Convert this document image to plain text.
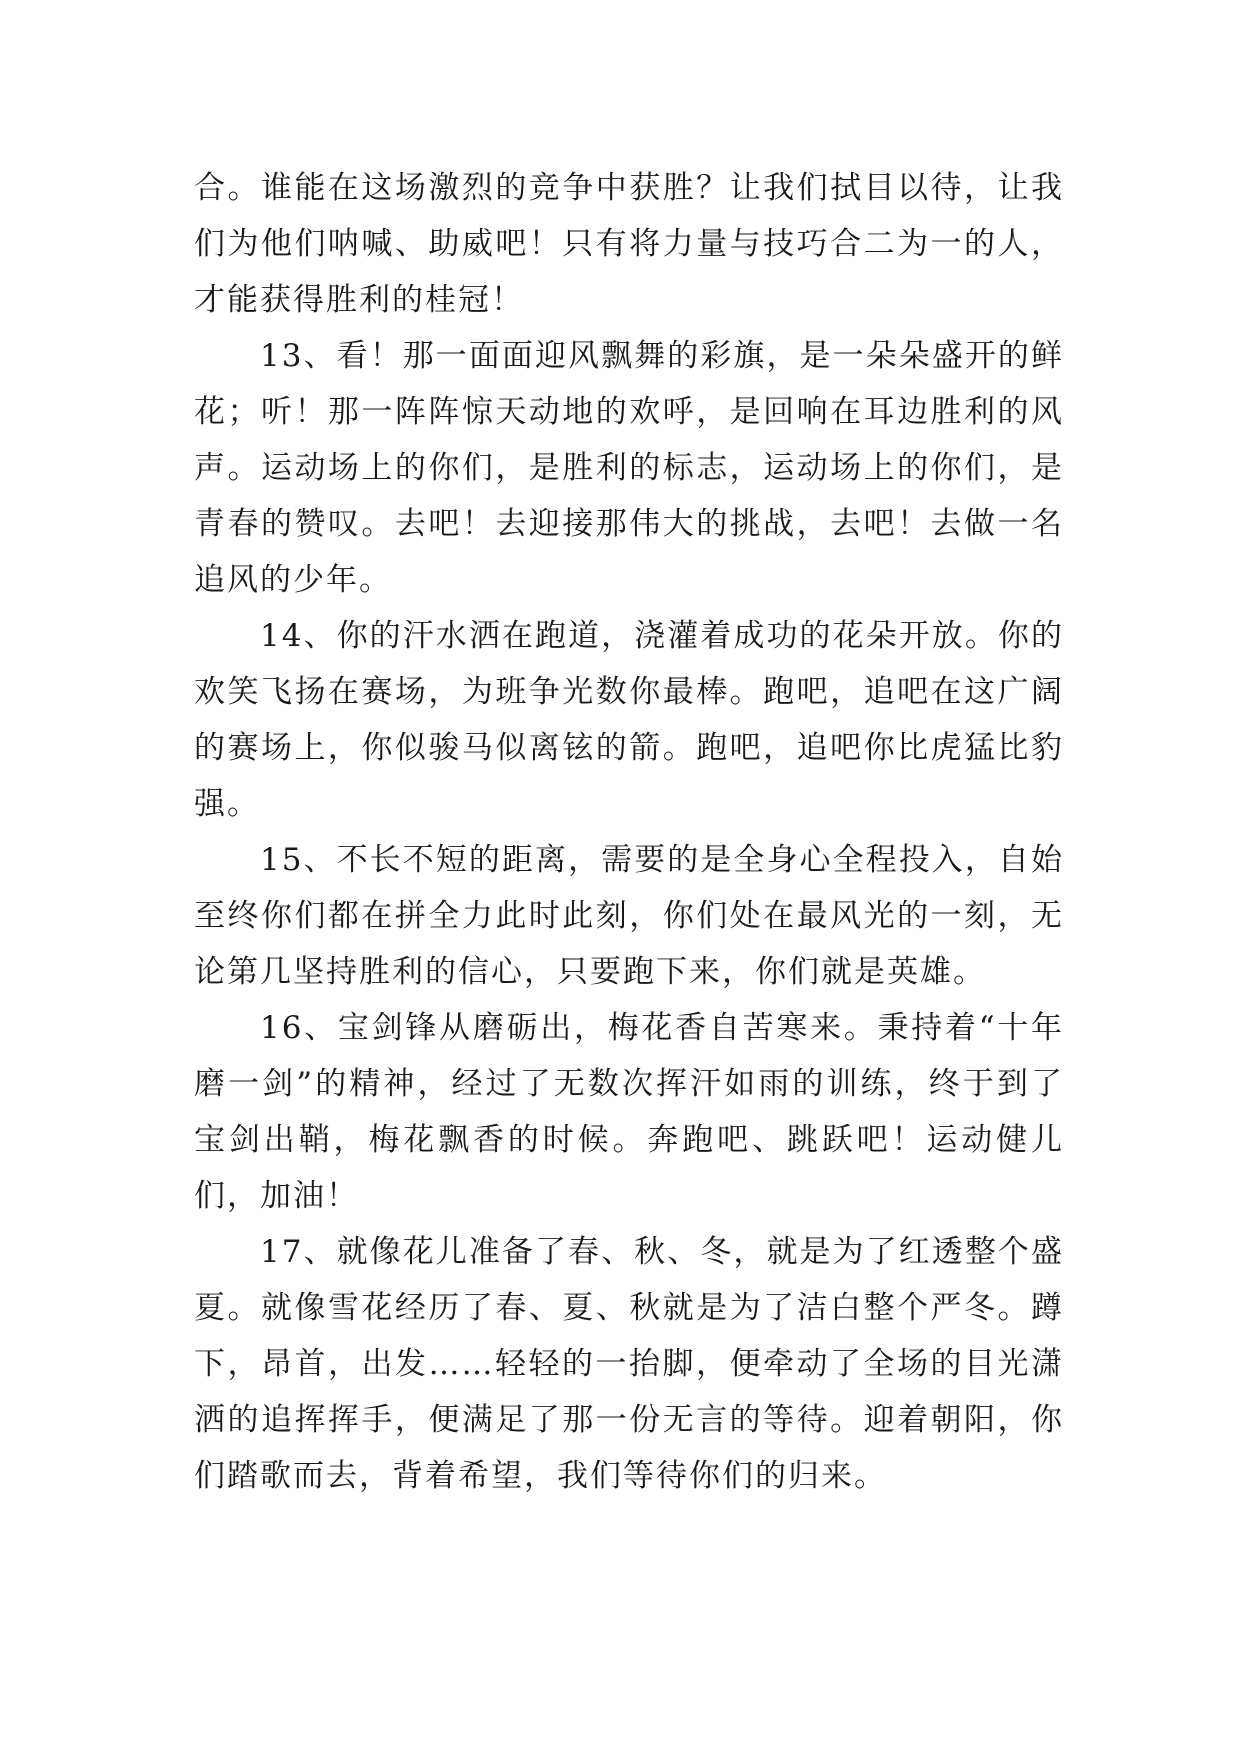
合。谁能在这场激烈的竞争中获胜？让我们拭目以待，让我们为他们呐喊、助威吧！只有将力量与技巧合二为一的人，才能获得胜利的桂冠！

13、看！那一面面迎风飘舞的彩旗，是一朵朵盛开的鲜花；听！那一阵阵惊天动地的欢呼，是回响在耳边胜利的风声。运动场上的你们，是胜利的标志，运动场上的你们，是青春的赞叹。去吧！去迎接那伟大的挑战，去吧！去做一名追风的少年。

14、你的汗水洒在跑道，浇灌着成功的花朵开放。你的欢笑飞扬在赛场，为班争光数你最棒。跑吧，追吧在这广阔的赛场上，你似骏马似离铉的箭。跑吧，追吧你比虎猛比豹强。

15、不长不短的距离，需要的是全身心全程投入，自始至终你们都在拼全力此时此刻，你们处在最风光的一刻，无论第几坚持胜利的信心，只要跑下来，你们就是英雄。

16、宝剑锋从磨砺出，梅花香自苦寒来。秉持着“十年磨一剑”的精神，经过了无数次挥汗如雨的训练，终于到了宝剑出鞘，梅花飘香的时候。奔跑吧、跳跃吧！运动健儿们，加油！

17、就像花儿准备了春、秋、冬，就是为了红透整个盛夏。就像雪花经历了春、夏、秋就是为了洁白整个严冬。蹲下，昂首，出发……轻轻的一抬脚，便牵动了全场的目光潇洒的追挥挥手，便满足了那一份无言的等待。迎着朝阳，你们踏歌而去，背着希望，我们等待你们的归来。
